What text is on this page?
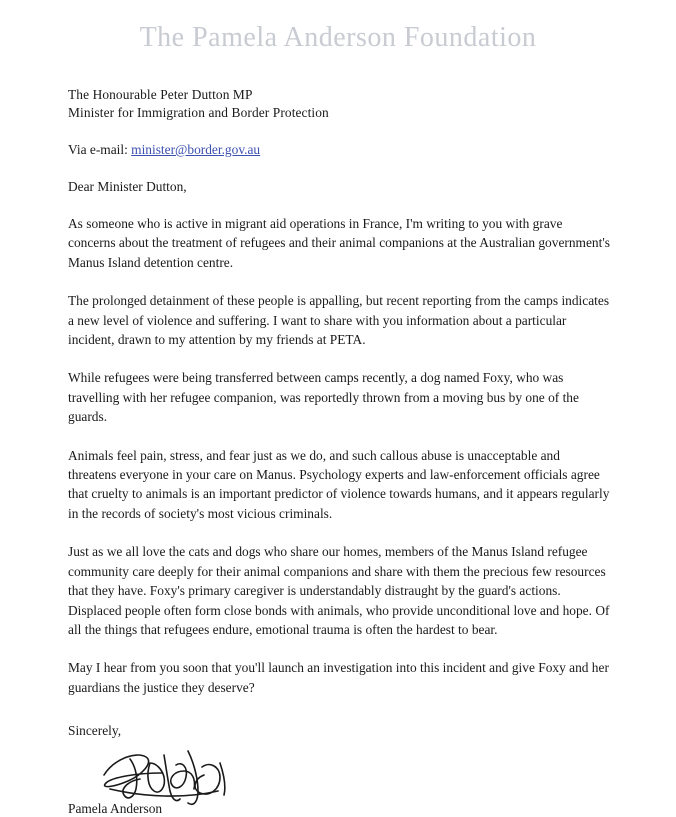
The Pamela Anderson Foundation
The Honourable Peter Dutton MP
Minister for Immigration and Border Protection
Via e-mail: minister@border.gov.au
Dear Minister Dutton,
As someone who is active in migrant aid operations in France, I'm writing to you with grave concerns about the treatment of refugees and their animal companions at the Australian government's Manus Island detention centre.
The prolonged detainment of these people is appalling, but recent reporting from the camps indicates a new level of violence and suffering. I want to share with you information about a particular incident, drawn to my attention by my friends at PETA.
While refugees were being transferred between camps recently, a dog named Foxy, who was travelling with her refugee companion, was reportedly thrown from a moving bus by one of the guards.
Animals feel pain, stress, and fear just as we do, and such callous abuse is unacceptable and threatens everyone in your care on Manus. Psychology experts and law-enforcement officials agree that cruelty to animals is an important predictor of violence towards humans, and it appears regularly in the records of society's most vicious criminals.
Just as we all love the cats and dogs who share our homes, members of the Manus Island refugee community care deeply for their animal companions and share with them the precious few resources that they have. Foxy's primary caregiver is understandably distraught by the guard's actions. Displaced people often form close bonds with animals, who provide unconditional love and hope. Of all the things that refugees endure, emotional trauma is often the hardest to bear.
May I hear from you soon that you'll launch an investigation into this incident and give Foxy and her guardians the justice they deserve?
Sincerely,
Pamela Anderson
